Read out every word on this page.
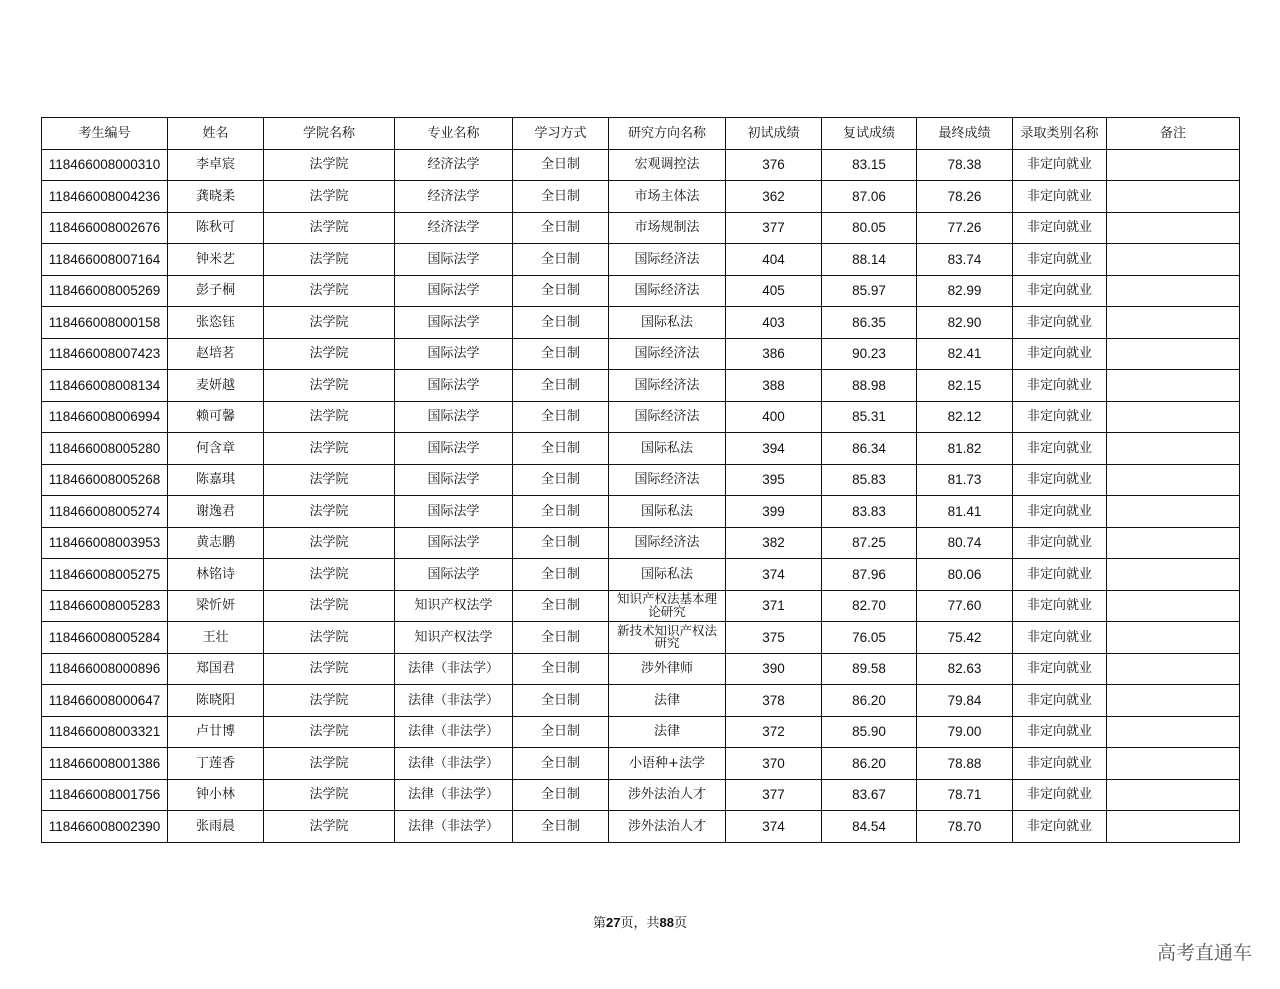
考生编号	姓名	学院名称	专业名称	学习方式	研究方向名称	初试成绩	复试成绩	最终成绩	录取类别名称	备注
118466008000310	李卓宸	法学院	经济法学	全日制	宏观调控法	376	83.15	78.38	非定向就业	
118466008004236	龚晓柔	法学院	经济法学	全日制	市场主体法	362	87.06	78.26	非定向就业	
118466008002676	陈秋可	法学院	经济法学	全日制	市场规制法	377	80.05	77.26	非定向就业	
118466008007164	钟米艺	法学院	国际法学	全日制	国际经济法	404	88.14	83.74	非定向就业	
118466008005269	彭子桐	法学院	国际法学	全日制	国际经济法	405	85.97	82.99	非定向就业	
118466008000158	张恣钰	法学院	国际法学	全日制	国际私法	403	86.35	82.90	非定向就业	
118466008007423	赵培茗	法学院	国际法学	全日制	国际经济法	386	90.23	82.41	非定向就业	
118466008008134	麦妍越	法学院	国际法学	全日制	国际经济法	388	88.98	82.15	非定向就业	
118466008006994	赖可馨	法学院	国际法学	全日制	国际经济法	400	85.31	82.12	非定向就业	
118466008005280	何含章	法学院	国际法学	全日制	国际私法	394	86.34	81.82	非定向就业	
118466008005268	陈嘉琪	法学院	国际法学	全日制	国际经济法	395	85.83	81.73	非定向就业	
118466008005274	谢逸君	法学院	国际法学	全日制	国际私法	399	83.83	81.41	非定向就业	
118466008003953	黄志鹏	法学院	国际法学	全日制	国际经济法	382	87.25	80.74	非定向就业	
118466008005275	林铭诗	法学院	国际法学	全日制	国际私法	374	87.96	80.06	非定向就业	
118466008005283	梁忻妍	法学院	知识产权法学	全日制	知识产权法基本理论研究	371	82.70	77.60	非定向就业	
118466008005284	王壮	法学院	知识产权法学	全日制	新技术知识产权法研究	375	76.05	75.42	非定向就业	
118466008000896	郑国君	法学院	法律（非法学）	全日制	涉外律师	390	89.58	82.63	非定向就业	
118466008000647	陈晓阳	法学院	法律（非法学）	全日制	法律	378	86.20	79.84	非定向就业	
118466008003321	卢廿博	法学院	法律（非法学）	全日制	法律	372	85.90	79.00	非定向就业	
118466008001386	丁莲香	法学院	法律（非法学）	全日制	小语种+法学	370	86.20	78.88	非定向就业	
118466008001756	钟小林	法学院	法律（非法学）	全日制	涉外法治人才	377	83.67	78.71	非定向就业	
118466008002390	张雨晨	法学院	法律（非法学）	全日制	涉外法治人才	374	84.54	78.70	非定向就业	
第27页，共88页
高考直通车
